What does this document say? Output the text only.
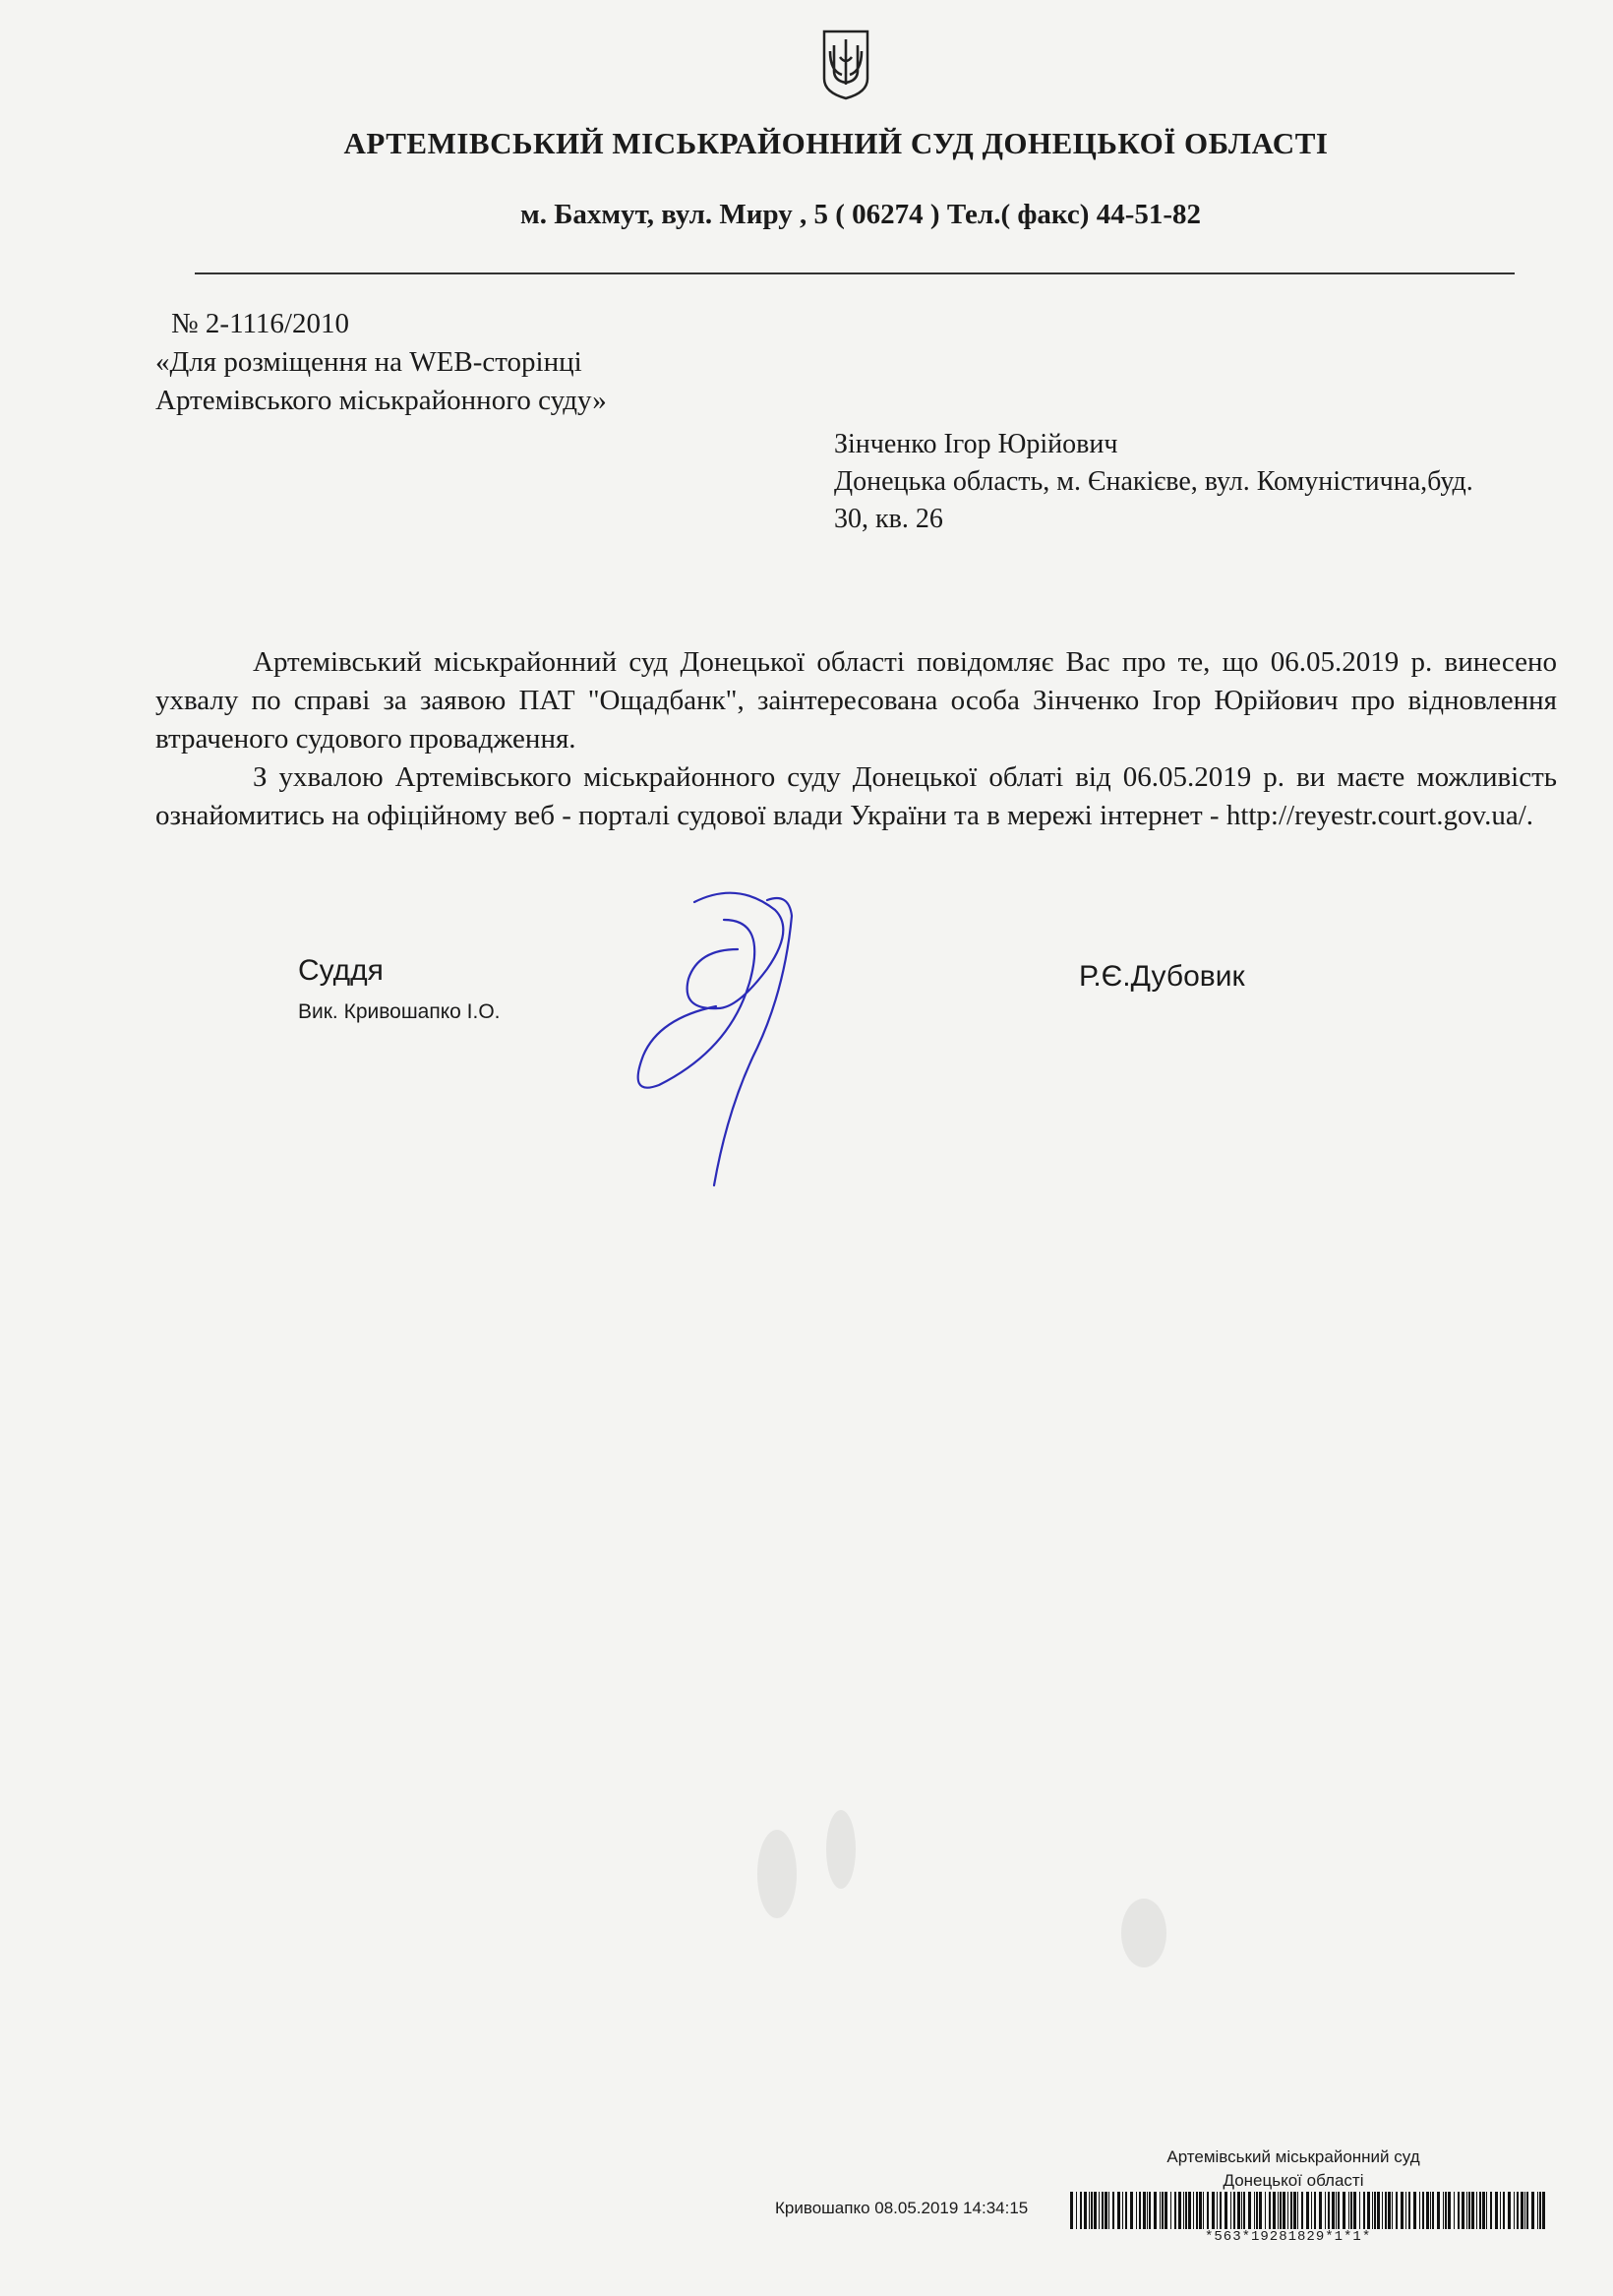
АРТЕМІВСЬКИЙ МІСЬКРАЙОННИЙ СУД ДОНЕЦЬКОЇ ОБЛАСТІ
м. Бахмут, вул. Миру , 5 ( 06274 ) Тел.( факс) 44-51-82
№ 2-1116/2010
«Для розміщення на WEB-сторінці
Артемівського міськрайонного суду»
Зінченко Ігор Юрійович
Донецька область, м. Єнакієве, вул. Комуністична,буд.
30, кв. 26

Артемівський міськрайонний суд Донецької області повідомляє Вас про те, що 06.05.2019 р. винесено ухвалу по справі за заявою ПАТ "Ощадбанк", заінтересована особа Зінченко Ігор Юрійович про відновлення втраченого судового провадження.

З ухвалою Артемівського міськрайонного суду Донецької облаті від 06.05.2019 р. ви маєте можливість ознайомитись на офіційному веб - порталі судової влади України та в мережі інтернет - http://reyestr.court.gov.ua/.

Суддя
Вик. Кривошапко І.О.
Р.Є.Дубовик
Артемівський міськрайонний суд
Донецької області
Кривошапко 08.05.2019 14:34:15
*563*19281829*1*1*
